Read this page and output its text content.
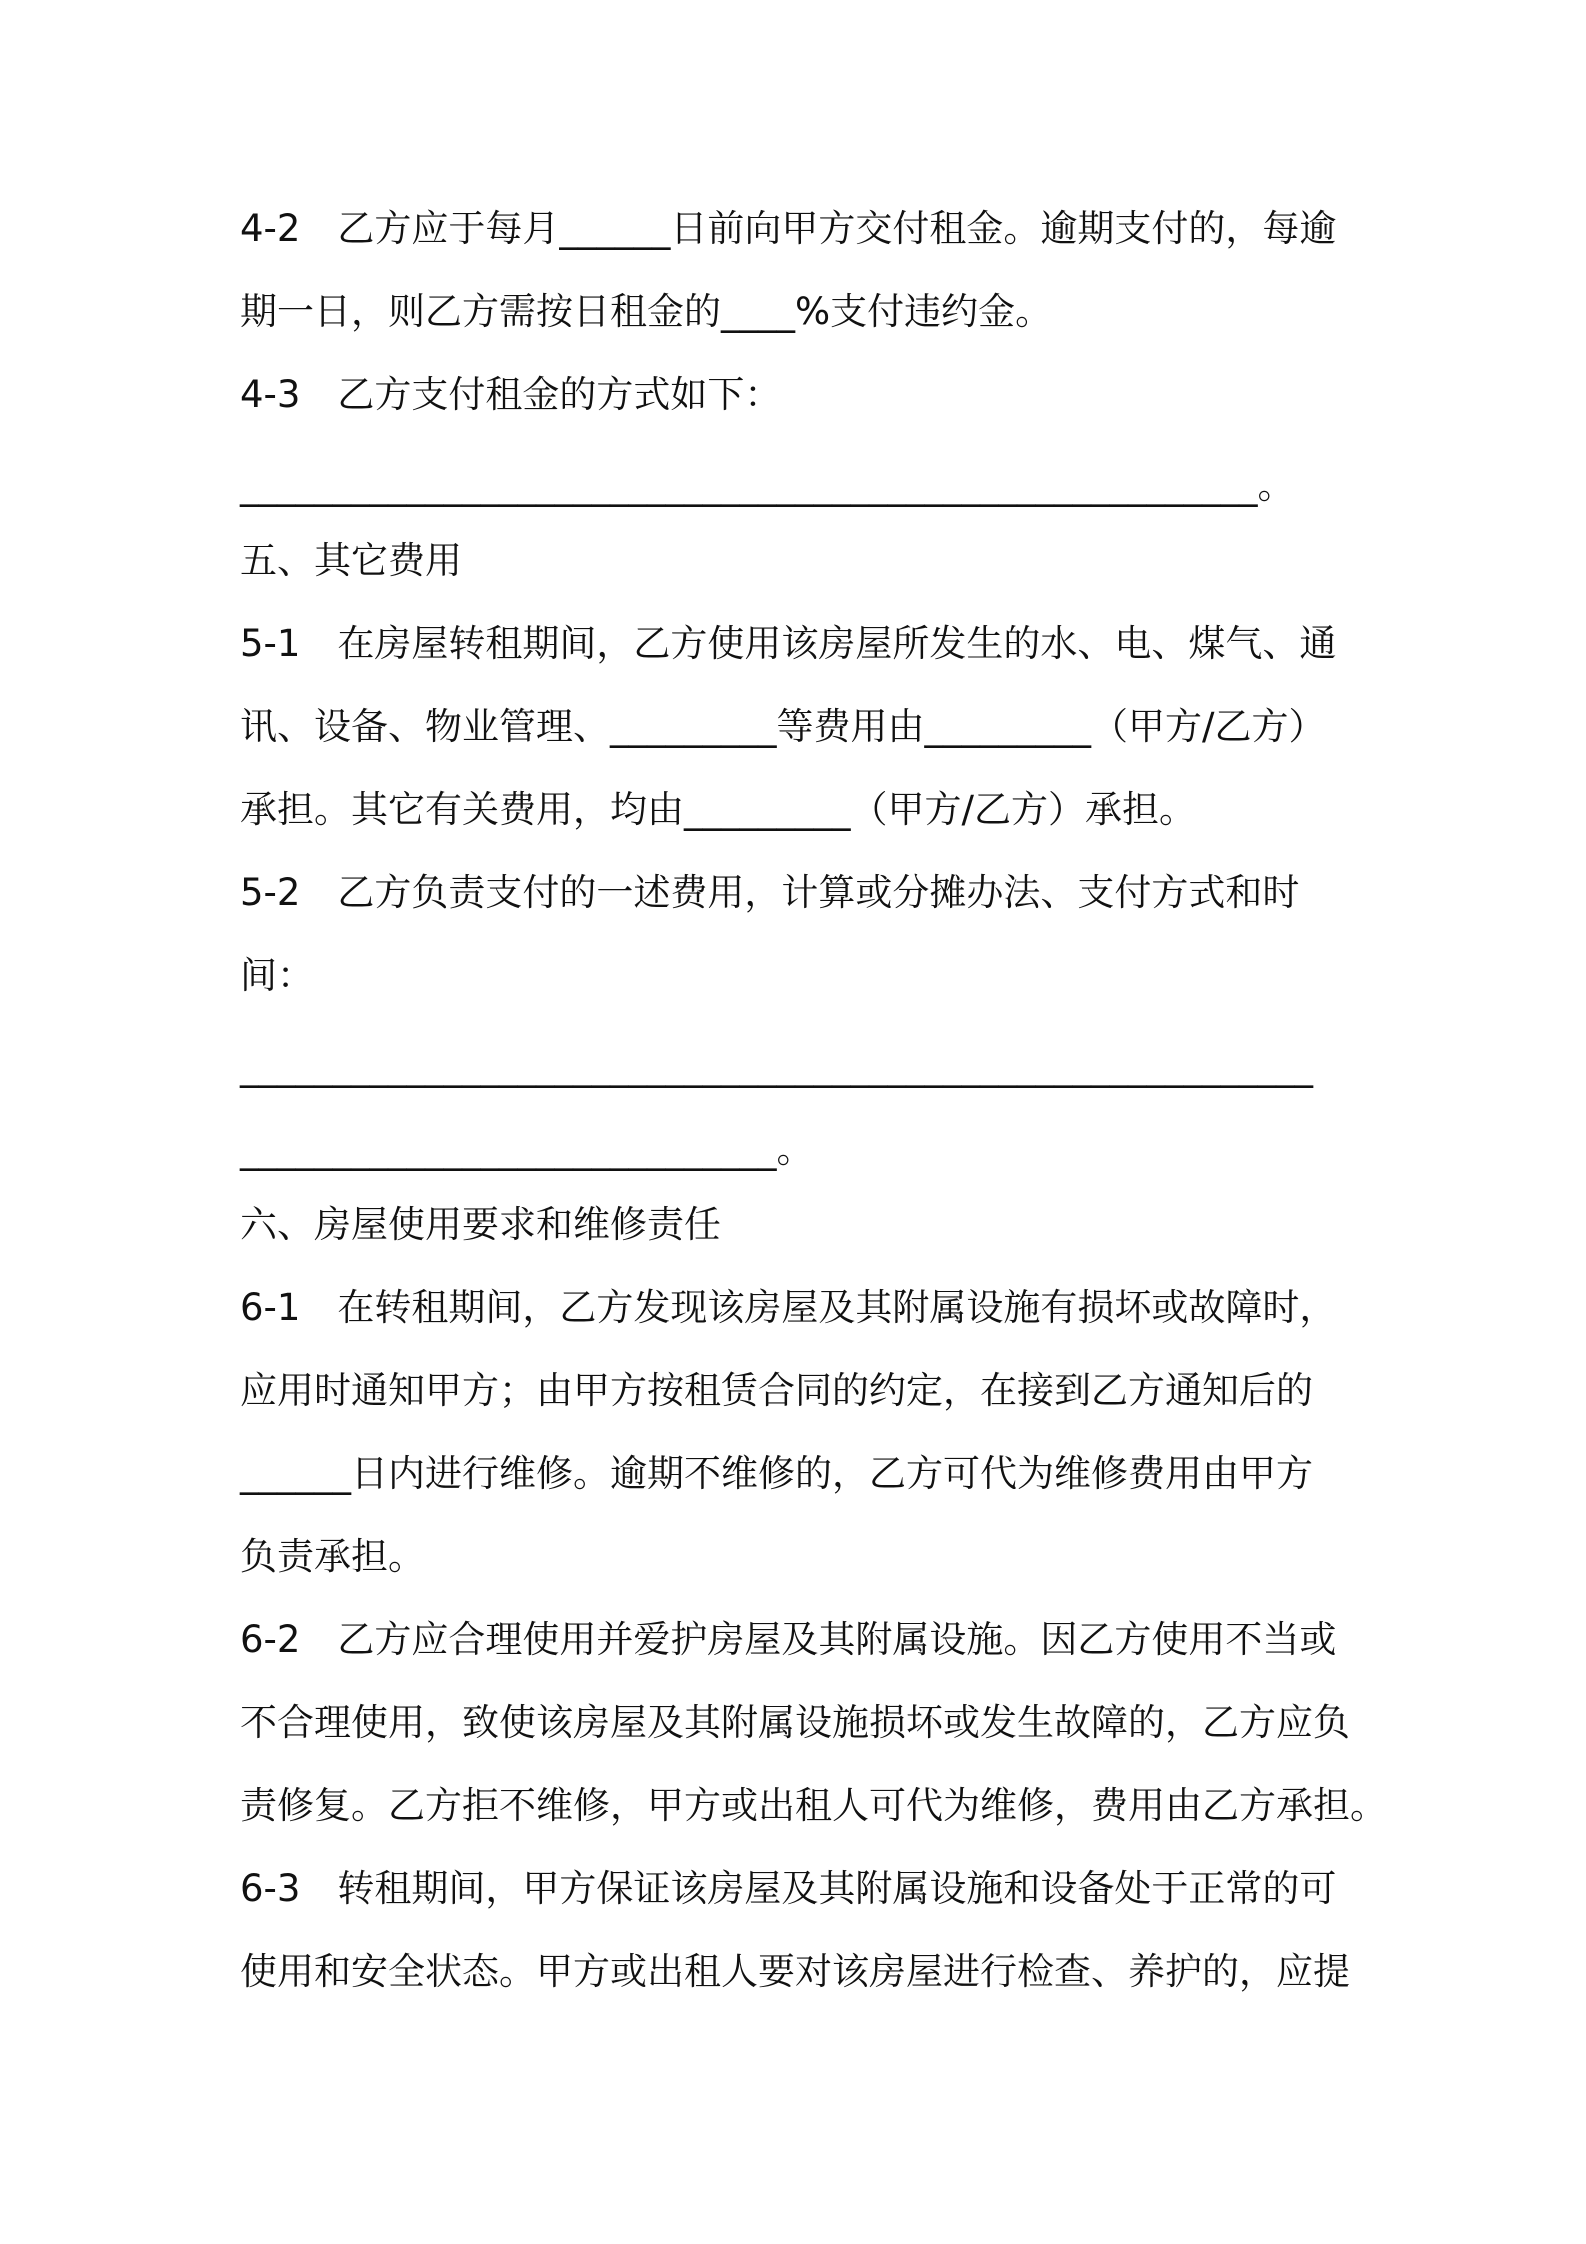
4-2　乙方应于每月______日前向甲方交付租金。逾期支付的，每逾
期一日，则乙方需按日租金的____%支付违约金。
4-3　乙方支付租金的方式如下：
_______________________________________________________。
五、其它费用
5-1　在房屋转租期间，乙方使用该房屋所发生的水、电、煤气、通
讯、设备、物业管理、_________等费用由_________（甲方/乙方）
承担。其它有关费用，均由_________（甲方/乙方）承担。
5-2　乙方负责支付的一述费用，计算或分摊办法、支付方式和时
间：
__________________________________________________________
_____________________________。
六、房屋使用要求和维修责任
6-1　在转租期间，乙方发现该房屋及其附属设施有损坏或故障时，
应用时通知甲方；由甲方按租赁合同的约定，在接到乙方通知后的
______日内进行维修。逾期不维修的，乙方可代为维修费用由甲方
负责承担。
6-2　乙方应合理使用并爱护房屋及其附属设施。因乙方使用不当或
不合理使用，致使该房屋及其附属设施损坏或发生故障的，乙方应负
责修复。乙方拒不维修，甲方或出租人可代为维修，费用由乙方承担。
6-3　转租期间，甲方保证该房屋及其附属设施和设备处于正常的可
使用和安全状态。甲方或出租人要对该房屋进行检查、养护的，应提
